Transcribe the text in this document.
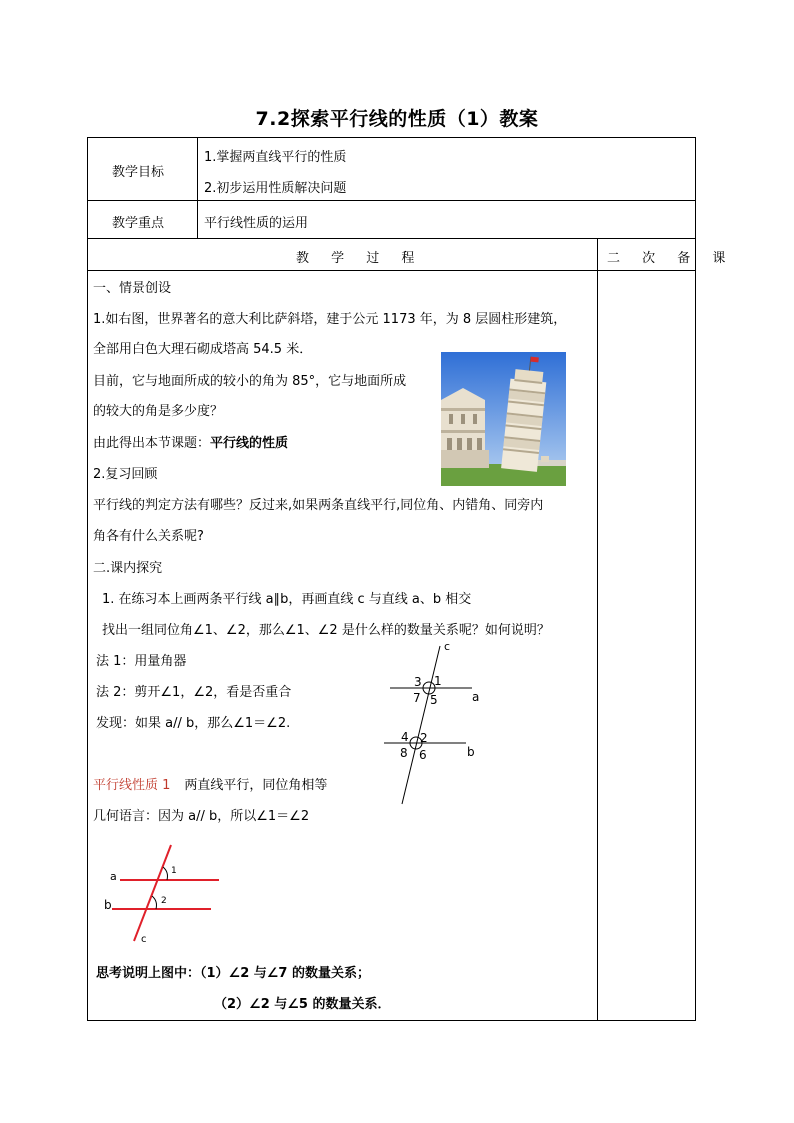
7.2探索平行线的性质（1）教案
教学目标
1.掌握两直线平行的性质
2.初步运用性质解决问题
教学重点	平行线性质的运用
教 学 过 程	二 次 备 课
一、情景创设
1.如右图，世界著名的意大利比萨斜塔，建于公元 1173 年，为 8 层圆柱形建筑，
全部用白色大理石砌成塔高 54.5 米．
目前，它与地面所成的较小的角为 85°，它与地面所成
的较大的角是多少度？
由此得出本节课题：平行线的性质
2.复习回顾
平行线的判定方法有哪些？反过来,如果两条直线平行,同位角、内错角、同旁内
角各有什么关系呢?
二.课内探究
1. 在练习本上画两条平行线 a∥b，再画直线 c 与直线 a、b 相交
找出一组同位角∠1、∠2，那么∠1、∠2 是什么样的数量关系呢？如何说明？
法 1：用量角器
法 2：剪开∠1，∠2，看是否重合
发现：如果 a// b，那么∠1＝∠2.
c
a
b
3 1
7 5
4 2
8 6
平行线性质 1 两直线平行，同位角相等
几何语言：因为 a// b，所以∠1＝∠2
a
b
c
1
2
思考说明上图中：（1）∠2 与∠7 的数量关系；
（2）∠2 与∠5 的数量关系．
